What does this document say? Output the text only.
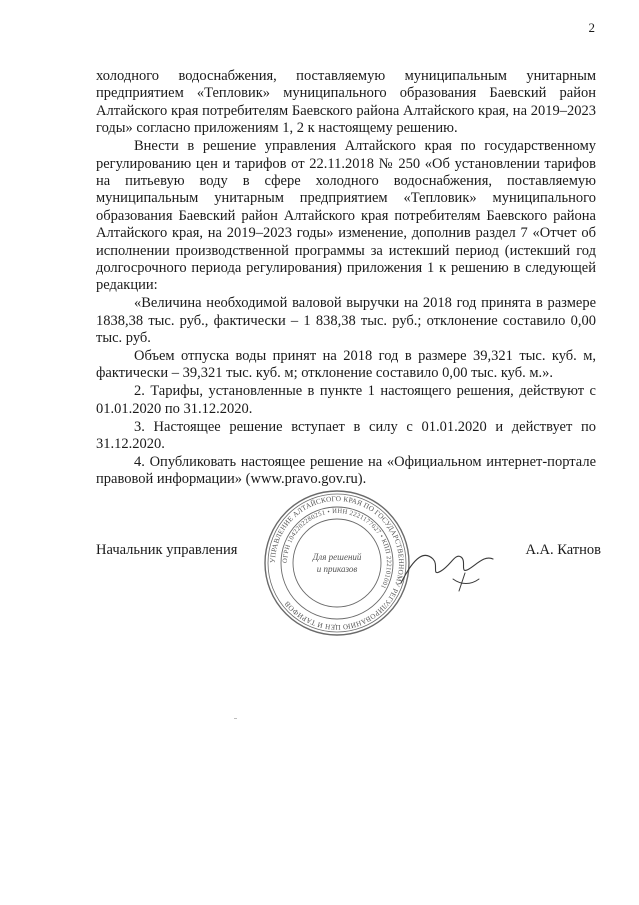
2

холодного водоснабжения, поставляемую муниципальным унитарным предприятием «Тепловик» муниципального образования Баевский район Алтайского края потребителям Баевского района Алтайского края, на 2019–2023 годы» согласно приложениям 1, 2 к настоящему решению.

Внести в решение управления Алтайского края по государственному регулированию цен и тарифов от 22.11.2018 № 250 «Об установлении тарифов на питьевую воду в сфере холодного водоснабжения, поставляемую муниципальным унитарным предприятием «Тепловик» муниципального образования Баевский район Алтайского края потребителям Баевского района Алтайского края, на 2019–2023 годы» изменение, дополнив раздел 7 «Отчет об исполнении производственной программы за истекший период (истекший год долгосрочного периода регулирования) приложения 1 к решению в следующей редакции:

«Величина необходимой валовой выручки на 2018 год принята в размере 1838,38 тыс. руб., фактически – 1 838,38 тыс. руб.; отклонение составило 0,00 тыс. руб.

Объем отпуска воды принят на 2018 год в размере 39,321 тыс. куб. м, фактически – 39,321 тыс. куб. м; отклонение составило 0,00 тыс. куб. м.».

2. Тарифы, установленные в пункте 1 настоящего решения, действуют с 01.01.2020 по 31.12.2020.

3. Настоящее решение вступает в силу с 01.01.2020 и действует по 31.12.2020.

4. Опубликовать настоящее решение на «Официальном интернет-портале правовой информации» (www.pravo.gov.ru).

Начальник управления	А.А. Катнов
УПРАВЛЕНИЕ АЛТАЙСКОГО КРАЯ ПО ГОСУДАРСТВЕННОМУ РЕГУЛИРОВАНИЮ ЦЕН И ТАРИФОВ
ОГРН 1042202280251 • ИНН 2221177627 • КПП 222101001
Для решений
и приказов
